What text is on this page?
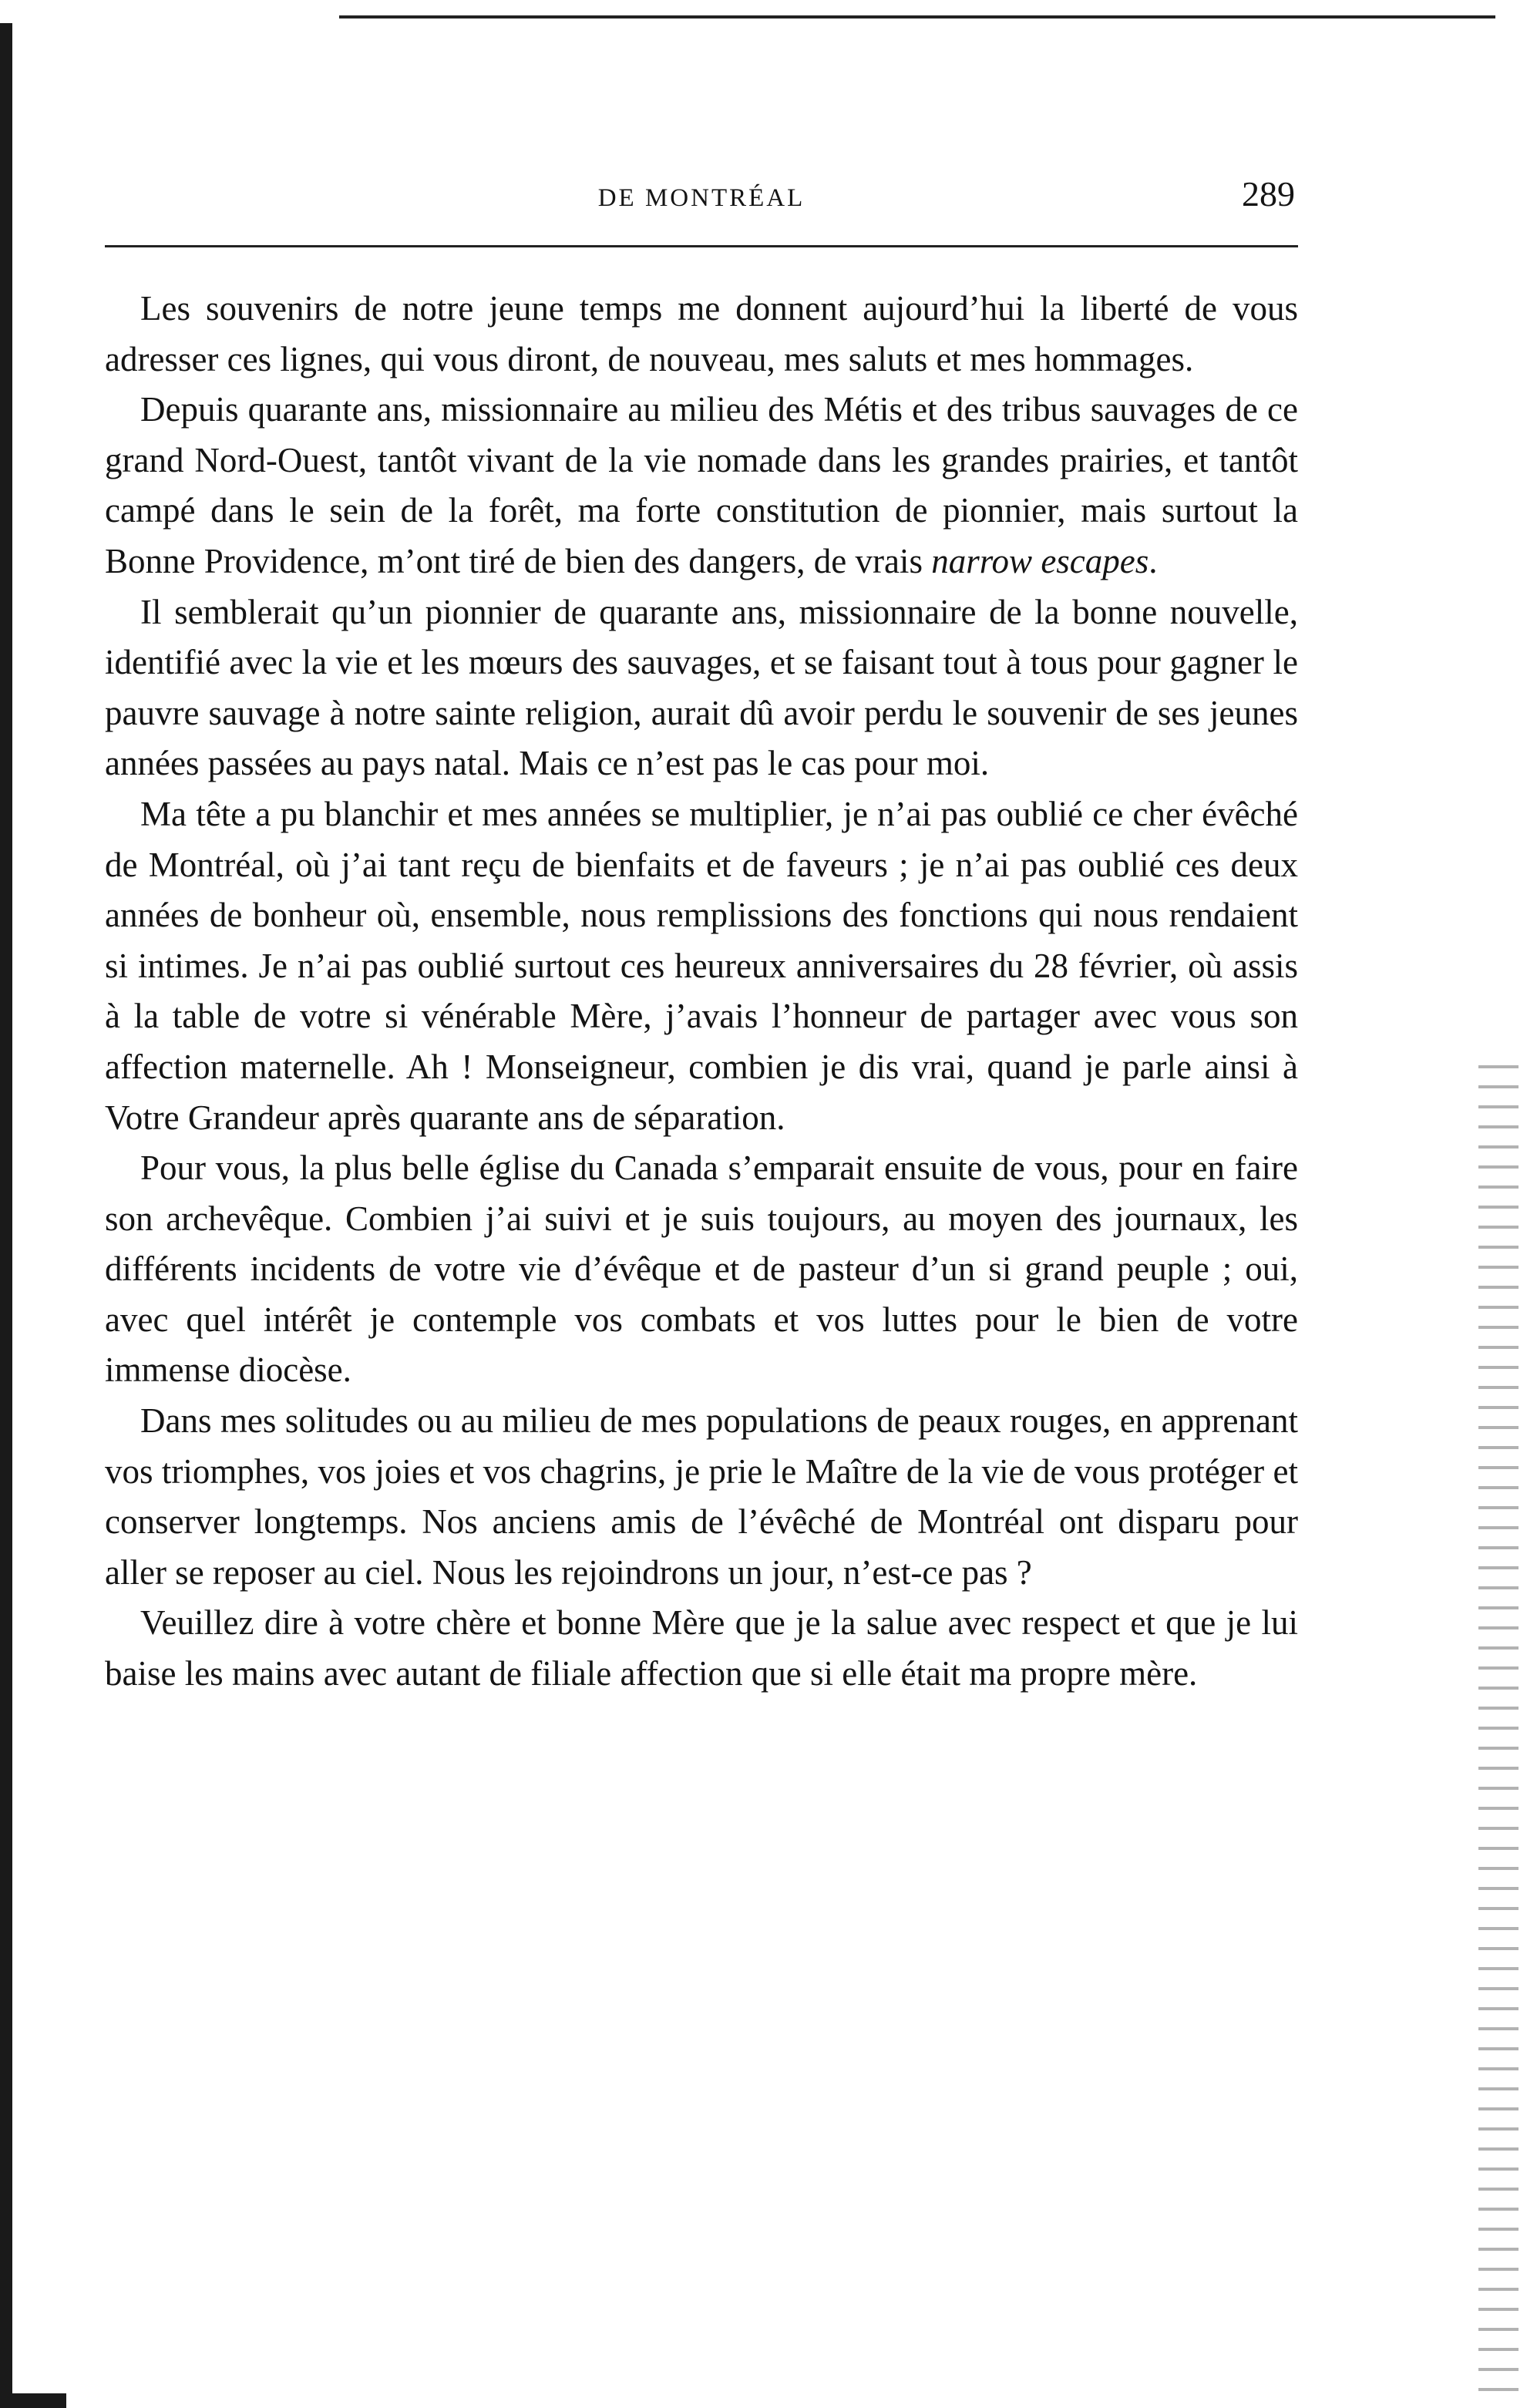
DE MONTRÉAL	289

Les souvenirs de notre jeune temps me donnent aujourd’hui la liberté de vous adresser ces lignes, qui vous diront, de nouveau, mes saluts et mes hommages.

Depuis quarante ans, missionnaire au milieu des Métis et des tribus sauvages de ce grand Nord-Ouest, tantôt vivant de la vie nomade dans les grandes prairies, et tantôt campé dans le sein de la forêt, ma forte constitution de pionnier, mais surtout la Bonne Providence, m’ont tiré de bien des dangers, de vrais narrow escapes.

Il semblerait qu’un pionnier de quarante ans, missionnaire de la bonne nouvelle, identifié avec la vie et les mœurs des sauvages, et se faisant tout à tous pour gagner le pauvre sauvage à notre sainte religion, aurait dû avoir perdu le souvenir de ses jeunes années passées au pays natal. Mais ce n’est pas le cas pour moi.

Ma tête a pu blanchir et mes années se multiplier, je n’ai pas oublié ce cher évêché de Montréal, où j’ai tant reçu de bienfaits et de faveurs ; je n’ai pas oublié ces deux années de bonheur où, ensemble, nous remplissions des fonctions qui nous rendaient si intimes. Je n’ai pas oublié surtout ces heureux anniversaires du 28 février, où assis à la table de votre si vénérable Mère, j’avais l’honneur de partager avec vous son affection maternelle. Ah ! Monseigneur, combien je dis vrai, quand je parle ainsi à Votre Grandeur après quarante ans de séparation.

Pour vous, la plus belle église du Canada s’emparait ensuite de vous, pour en faire son archevêque. Combien j’ai suivi et je suis toujours, au moyen des journaux, les différents incidents de votre vie d’évêque et de pasteur d’un si grand peuple ; oui, avec quel intérêt je contemple vos combats et vos luttes pour le bien de votre immense diocèse.

Dans mes solitudes ou au milieu de mes populations de peaux rouges, en apprenant vos triomphes, vos joies et vos chagrins, je prie le Maître de la vie de vous protéger et conserver longtemps. Nos anciens amis de l’évêché de Montréal ont disparu pour aller se reposer au ciel. Nous les rejoindrons un jour, n’est-ce pas ?

Veuillez dire à votre chère et bonne Mère que je la salue avec respect et que je lui baise les mains avec autant de filiale affection que si elle était ma propre mère.
